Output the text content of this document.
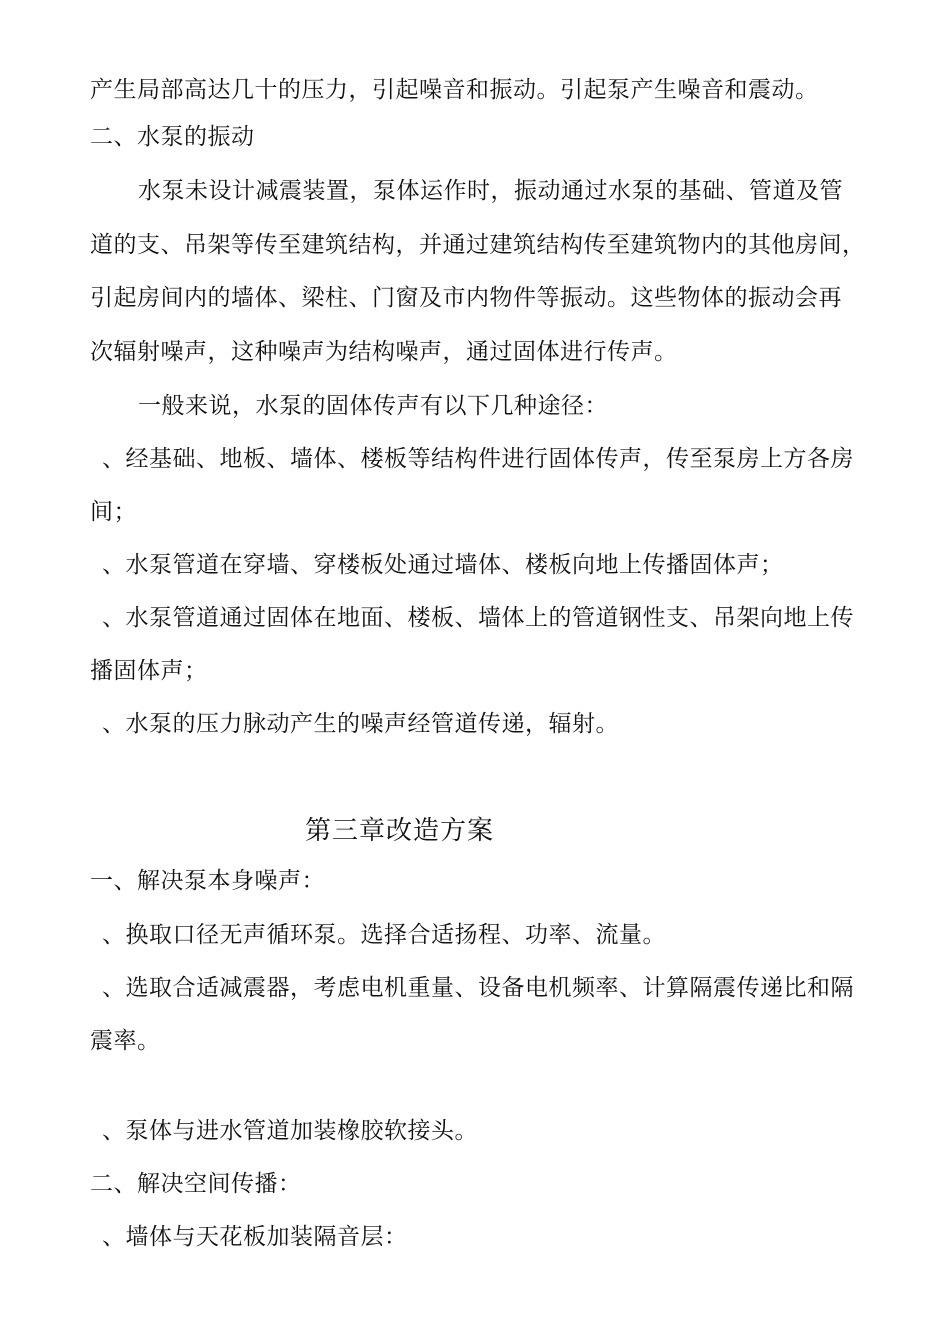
产生局部高达几十的压力，引起噪音和振动。引起泵产生噪音和震动。
二、水泵的振动
水泵未设计减震装置，泵体运作时，振动通过水泵的基础、管道及管
道的支、吊架等传至建筑结构，并通过建筑结构传至建筑物内的其他房间，
引起房间内的墙体、梁柱、门窗及市内物件等振动。这些物体的振动会再
次辐射噪声，这种噪声为结构噪声，通过固体进行传声。
一般来说，水泵的固体传声有以下几种途径：
、经基础、地板、墙体、楼板等结构件进行固体传声，传至泵房上方各房
间；
、水泵管道在穿墙、穿楼板处通过墙体、楼板向地上传播固体声；
、水泵管道通过固体在地面、楼板、墙体上的管道钢性支、吊架向地上传
播固体声；
、水泵的压力脉动产生的噪声经管道传递，辐射。
第三章改造方案
一、解决泵本身噪声：
、换取口径无声循环泵。选择合适扬程、功率、流量。
、选取合适减震器，考虑电机重量、设备电机频率、计算隔震传递比和隔
震率。
、泵体与进水管道加装橡胶软接头。
二、解决空间传播：
、墙体与天花板加装隔音层：
